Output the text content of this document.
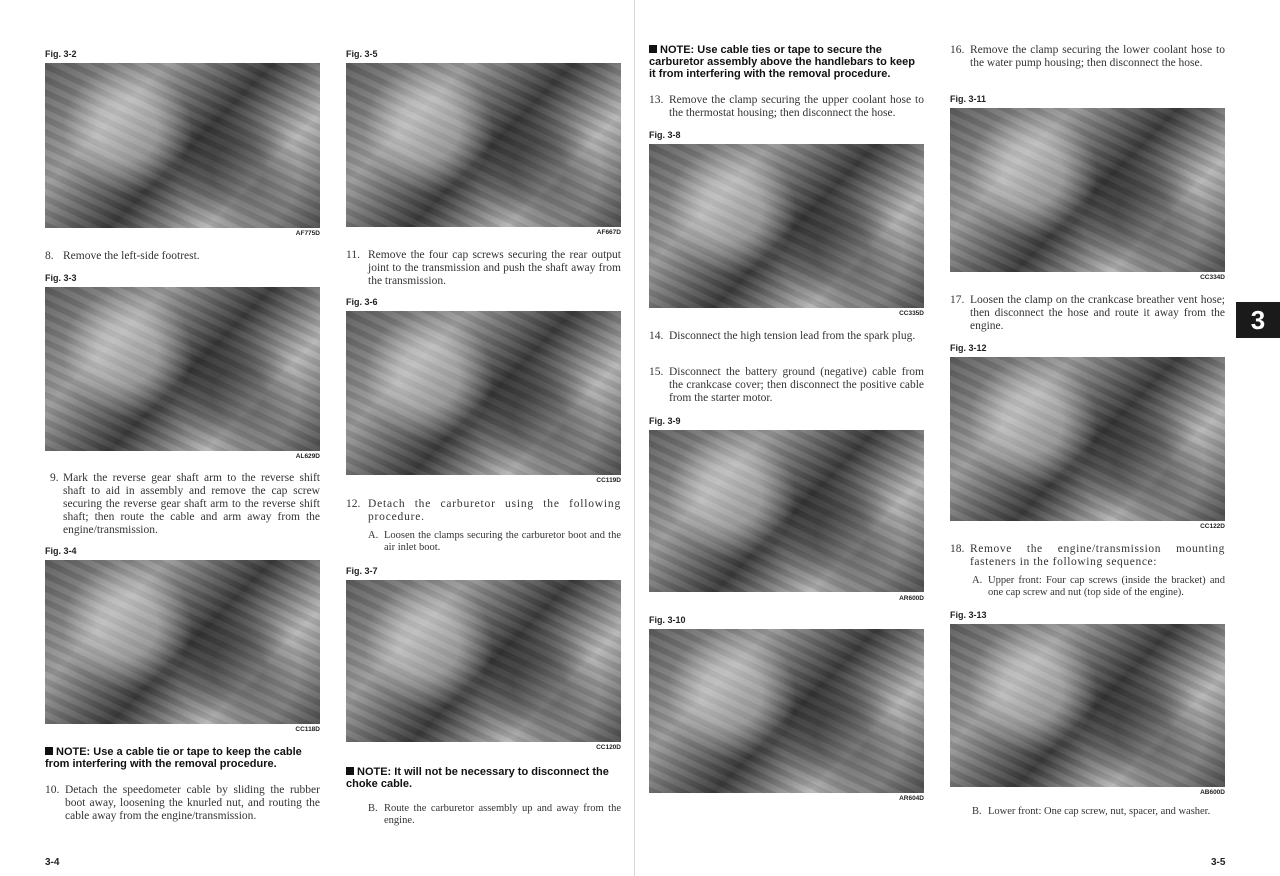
Fig. 3-2
AF775D
8. Remove the left-side footrest.
Fig. 3-3
AL629D
9. Mark the reverse gear shaft arm to the reverse shift shaft to aid in assembly and remove the cap screw securing the reverse gear shaft arm to the reverse shift shaft; then route the cable and arm away from the engine/transmission.
Fig. 3-4
CC118D
NOTE: Use a cable tie or tape to keep the cable from interfering with the removal procedure.
10. Detach the speedometer cable by sliding the rubber boot away, loosening the knurled nut, and routing the cable away from the engine/transmission.
3-4
Fig. 3-5
AF667D
11. Remove the four cap screws securing the rear output joint to the transmission and push the shaft away from the transmission.
Fig. 3-6
CC119D
12. Detach the carburetor using the following procedure.
A. Loosen the clamps securing the carburetor boot and the air inlet boot.
Fig. 3-7
CC120D
NOTE: It will not be necessary to disconnect the choke cable.
B. Route the carburetor assembly up and away from the engine.
NOTE: Use cable ties or tape to secure the carburetor assembly above the handlebars to keep it from interfering with the removal procedure.
13. Remove the clamp securing the upper coolant hose to the thermostat housing; then disconnect the hose.
Fig. 3-8
CC335D
14. Disconnect the high tension lead from the spark plug.
15. Disconnect the battery ground (negative) cable from the crankcase cover; then disconnect the positive cable from the starter motor.
Fig. 3-9
AR600D
Fig. 3-10
AR604D
16. Remove the clamp securing the lower coolant hose to the water pump housing; then disconnect the hose.
Fig. 3-11
CC334D
17. Loosen the clamp on the crankcase breather vent hose; then disconnect the hose and route it away from the engine.	3
Fig. 3-12
CC122D
18. Remove the engine/transmission mounting fasteners in the following sequence:
A. Upper front: Four cap screws (inside the bracket) and one cap screw and nut (top side of the engine).
Fig. 3-13
AB600D
B. Lower front: One cap screw, nut, spacer, and washer.
3-5
